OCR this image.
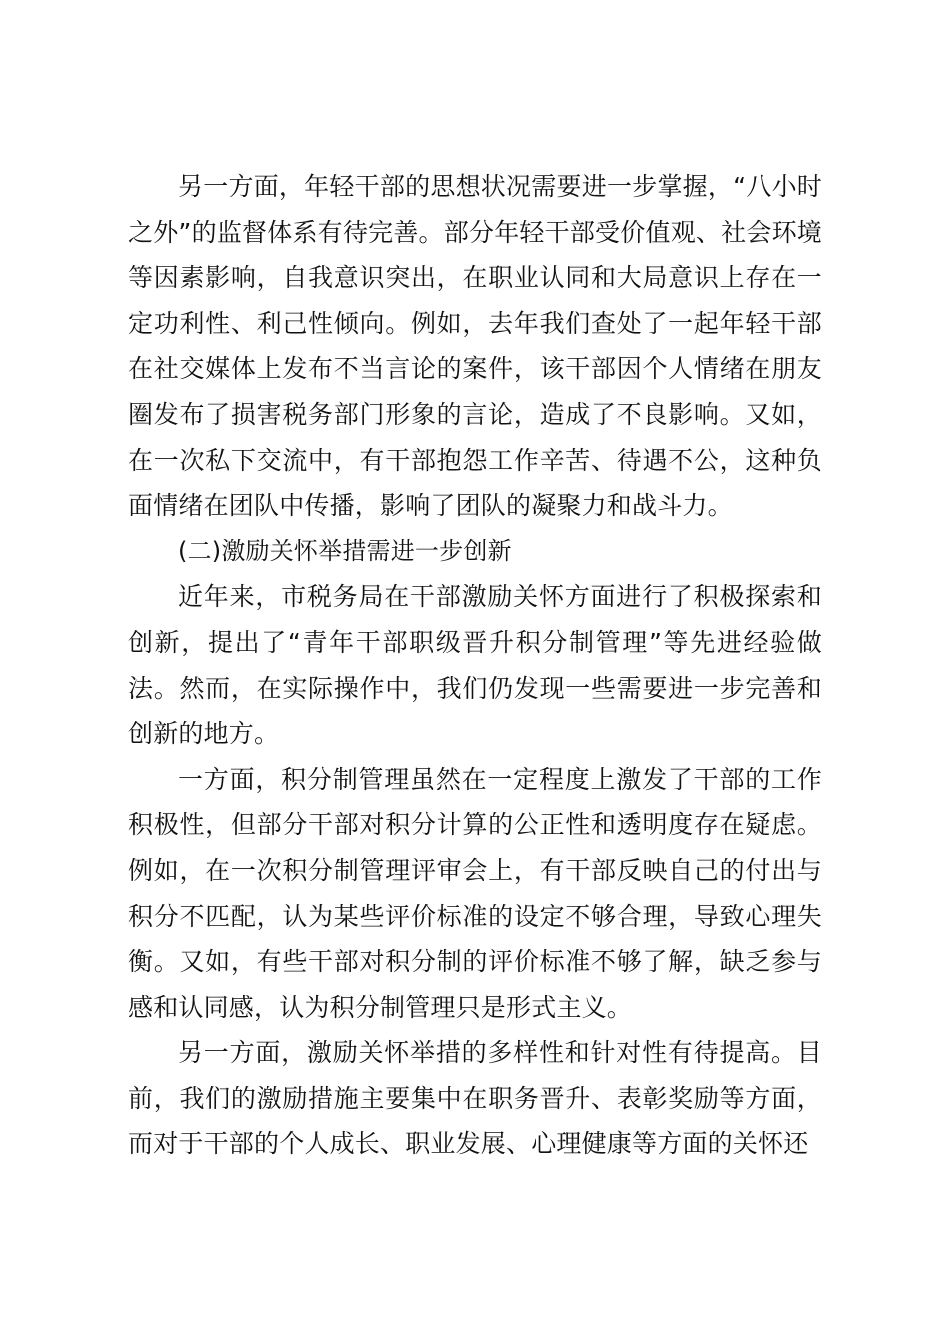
另一方面，年轻干部的思想状况需要进一步掌握，“八小时之外”的监督体系有待完善。部分年轻干部受价值观、社会环境等因素影响，自我意识突出，在职业认同和大局意识上存在一定功利性、利己性倾向。例如，去年我们查处了一起年轻干部在社交媒体上发布不当言论的案件，该干部因个人情绪在朋友圈发布了损害税务部门形象的言论，造成了不良影响。又如，在一次私下交流中，有干部抱怨工作辛苦、待遇不公，这种负面情绪在团队中传播，影响了团队的凝聚力和战斗力。

(二)激励关怀举措需进一步创新

近年来，市税务局在干部激励关怀方面进行了积极探索和创新，提出了“青年干部职级晋升积分制管理”等先进经验做法。然而，在实际操作中，我们仍发现一些需要进一步完善和创新的地方。

一方面，积分制管理虽然在一定程度上激发了干部的工作积极性，但部分干部对积分计算的公正性和透明度存在疑虑。例如，在一次积分制管理评审会上，有干部反映自己的付出与积分不匹配，认为某些评价标准的设定不够合理，导致心理失衡。又如，有些干部对积分制的评价标准不够了解，缺乏参与感和认同感，认为积分制管理只是形式主义。

另一方面，激励关怀举措的多样性和针对性有待提高。目前，我们的激励措施主要集中在职务晋升、表彰奖励等方面，而对于干部的个人成长、职业发展、心理健康等方面的关怀还
